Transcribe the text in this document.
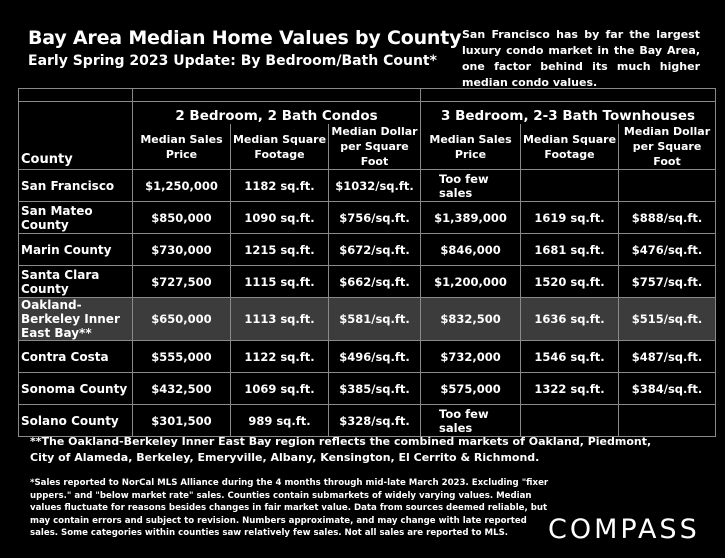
Bay Area Median Home Values by County
Early Spring 2023 Update: By Bedroom/Bath Count*
San Francisco has by far the largest luxury condo market in the Bay Area, one factor behind its much higher median condo values.

	2 Bedroom, 2 Bath Condos			3 Bedroom, 2-3 Bath Townhouses		
County	Median Sales Price	Median Square Footage	Median Dollar per Square Foot	Median Sales Price	Median Square Footage	Median Dollar per Square Foot
San Francisco	$1,250,000	1182 sq.ft.	$1032/sq.ft.	Too few sales		
San Mateo County	$850,000	1090 sq.ft.	$756/sq.ft.	$1,389,000	1619 sq.ft.	$888/sq.ft.
Marin County	$730,000	1215 sq.ft.	$672/sq.ft.	$846,000	1681 sq.ft.	$476/sq.ft.
Santa Clara County	$727,500	1115 sq.ft.	$662/sq.ft.	$1,200,000	1520 sq.ft.	$757/sq.ft.
Oakland-Berkeley Inner East Bay**	$650,000	1113 sq.ft.	$581/sq.ft.	$832,500	1636 sq.ft.	$515/sq.ft.
Contra Costa	$555,000	1122 sq.ft.	$496/sq.ft.	$732,000	1546 sq.ft.	$487/sq.ft.
Sonoma County	$432,500	1069 sq.ft.	$385/sq.ft.	$575,000	1322 sq.ft.	$384/sq.ft.
Solano County	$301,500	989 sq.ft.	$328/sq.ft.	Too few sales		
**The Oakland-Berkeley Inner East Bay region reflects the combined markets of Oakland, Piedmont, City of Alameda, Berkeley, Emeryville, Albany, Kensington, El Cerrito & Richmond.
*Sales reported to NorCal MLS Alliance during the 4 months through mid-late March 2023. Excluding "fixer uppers." and "below market rate" sales. Counties contain submarkets of widely varying values. Median values fluctuate for reasons besides changes in fair market value. Data from sources deemed reliable, but may contain errors and subject to revision. Numbers approximate, and may change with late reported sales. Some categories within counties saw relatively few sales. Not all sales are reported to MLS.	COMPASS
